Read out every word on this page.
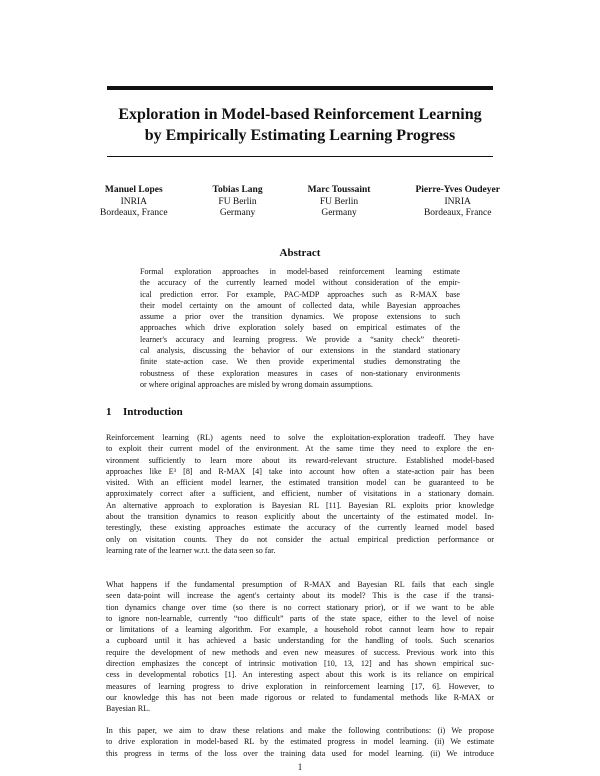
Exploration in Model-based Reinforcement Learning
by Empirically Estimating Learning Progress
Manuel Lopes
INRIA
Bordeaux, France
Tobias Lang
FU Berlin
Germany
Marc Toussaint
FU Berlin
Germany
Pierre-Yves Oudeyer
INRIA
Bordeaux, France
Abstract
Formal exploration approaches in model-based reinforcement learning estimate
the accuracy of the currently learned model without consideration of the empir-
ical prediction error. For example, PAC-MDP approaches such as R-MAX base
their model certainty on the amount of collected data, while Bayesian approaches
assume a prior over the transition dynamics. We propose extensions to such
approaches which drive exploration solely based on empirical estimates of the
learner's accuracy and learning progress. We provide a “sanity check” theoreti-
cal analysis, discussing the behavior of our extensions in the standard stationary
finite state-action case. We then provide experimental studies demonstrating the
robustness of these exploration measures in cases of non-stationary environments
or where original approaches are misled by wrong domain assumptions.
1 Introduction
Reinforcement learning (RL) agents need to solve the exploitation-exploration tradeoff. They have
to exploit their current model of the environment. At the same time they need to explore the en-
vironment sufficiently to learn more about its reward-relevant structure. Established model-based
approaches like E³ [8] and R-MAX [4] take into account how often a state-action pair has been
visited. With an efficient model learner, the estimated transition model can be guaranteed to be
approximately correct after a sufficient, and efficient, number of visitations in a stationary domain.
An alternative approach to exploration is Bayesian RL [11]. Bayesian RL exploits prior knowledge
about the transition dynamics to reason explicitly about the uncertainty of the estimated model. In-
terestingly, these existing approaches estimate the accuracy of the currently learned model based
only on visitation counts. They do not consider the actual empirical prediction performance or
learning rate of the learner w.r.t. the data seen so far.
What happens if the fundamental presumption of R-MAX and Bayesian RL fails that each single
seen data-point will increase the agent's certainty about its model? This is the case if the transi-
tion dynamics change over time (so there is no correct stationary prior), or if we want to be able
to ignore non-learnable, currently “too difficult” parts of the state space, either to the level of noise
or limitations of a learning algorithm. For example, a household robot cannot learn how to repair
a cupboard until it has achieved a basic understanding for the handling of tools. Such scenarios
require the development of new methods and even new measures of success. Previous work into this
direction emphasizes the concept of intrinsic motivation [10, 13, 12] and has shown empirical suc-
cess in developmental robotics [1]. An interesting aspect about this work is its reliance on empirical
measures of learning progress to drive exploration in reinforcement learning [17, 6]. However, to
our knowledge this has not been made rigorous or related to fundamental methods like R-MAX or
Bayesian RL.
In this paper, we aim to draw these relations and make the following contributions: (i) We propose
to drive exploration in model-based RL by the estimated progress in model learning. (ii) We estimate
this progress in terms of the loss over the training data used for model learning. (ii) We introduce
1
